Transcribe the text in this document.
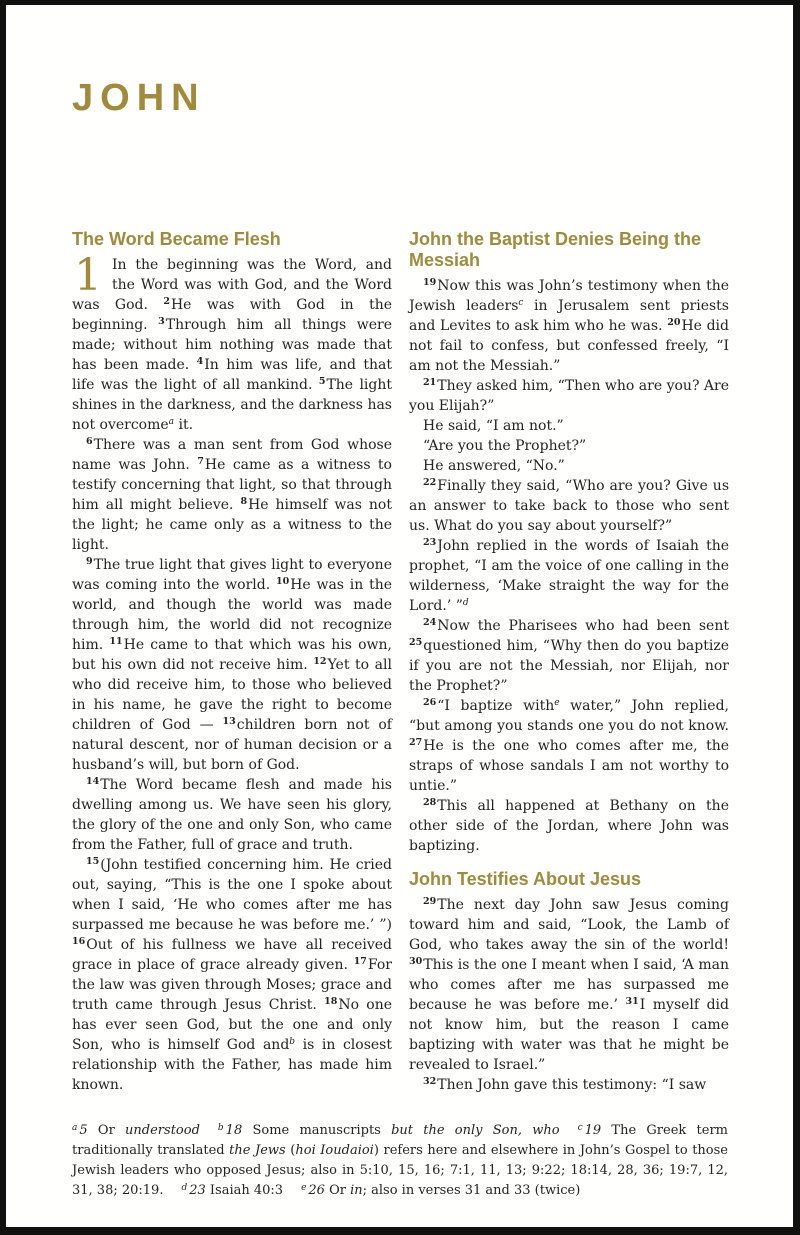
JOHN
The Word Became Flesh

1 In the beginning was the Word, and the Word was with God, and the Word was God. $^2$He was with God in the beginning. $^3$Through him all things were made; without him nothing was made that has been made. $^4$In him was life, and that life was the light of all mankind. $^5$The light shines in the darkness, and the darkness has not overcome$^a$ it.

$^6$There was a man sent from God whose name was John. $^7$He came as a witness to testify concerning that light, so that through him all might believe. $^8$He himself was not the light; he came only as a witness to the light.

$^9$The true light that gives light to everyone was coming into the world. $^{10}$He was in the world, and though the world was made through him, the world did not recognize him. $^{11}$He came to that which was his own, but his own did not receive him. $^{12}$Yet to all who did receive him, to those who believed in his name, he gave the right to become children of God — $^{13}$children born not of natural descent, nor of human decision or a husband’s will, but born of God.

$^{14}$The Word became flesh and made his dwelling among us. We have seen his glory, the glory of the one and only Son, who came from the Father, full of grace and truth.

$^{15}$(John testified concerning him. He cried out, saying, “This is the one I spoke about when I said, ‘He who comes after me has surpassed me because he was before me.’ ”) $^{16}$Out of his fullness we have all received grace in place of grace already given. $^{17}$For the law was given through Moses; grace and truth came through Jesus Christ. $^{18}$No one has ever seen God, but the one and only Son, who is himself God and$^b$ is in closest relationship with the Father, has made him known.

John the Baptist Denies Being the Messiah

$^{19}$Now this was John’s testimony when the Jewish leaders$^c$ in Jerusalem sent priests and Levites to ask him who he was. $^{20}$He did not fail to confess, but confessed freely, “I am not the Messiah.”

$^{21}$They asked him, “Then who are you? Are you Elijah?”

He said, “I am not.”

“Are you the Prophet?”

He answered, “No.”

$^{22}$Finally they said, “Who are you? Give us an answer to take back to those who sent us. What do you say about yourself?”

$^{23}$John replied in the words of Isaiah the prophet, “I am the voice of one calling in the wilderness, ‘Make straight the way for the Lord.’ ”$^d$

$^{24}$Now the Pharisees who had been sent $^{25}$questioned him, “Why then do you baptize if you are not the Messiah, nor Elijah, nor the Prophet?”

$^{26}$“I baptize with$^e$ water,” John replied, “but among you stands one you do not know. $^{27}$He is the one who comes after me, the straps of whose sandals I am not worthy to untie.”

$^{28}$This all happened at Bethany on the other side of the Jordan, where John was baptizing.

John Testifies About Jesus

$^{29}$The next day John saw Jesus coming toward him and said, “Look, the Lamb of God, who takes away the sin of the world! $^{30}$This is the one I meant when I said, ‘A man who comes after me has surpassed me because he was before me.’ $^{31}$I myself did not know him, but the reason I came baptizing with water was that he might be revealed to Israel.”

$^{32}$Then John gave this testimony: “I saw

$^a$ 5 Or understood $^b$ 18 Some manuscripts but the only Son, who $^c$ 19 The Greek term traditionally translated the Jews (hoi Ioudaioi) refers here and elsewhere in John’s Gospel to those Jewish leaders who opposed Jesus; also in 5:10, 15, 16; 7:1, 11, 13; 9:22; 18:14, 28, 36; 19:7, 12, 31, 38; 20:19. $^d$ 23 Isaiah 40:3 $^e$ 26 Or in; also in verses 31 and 33 (twice)
